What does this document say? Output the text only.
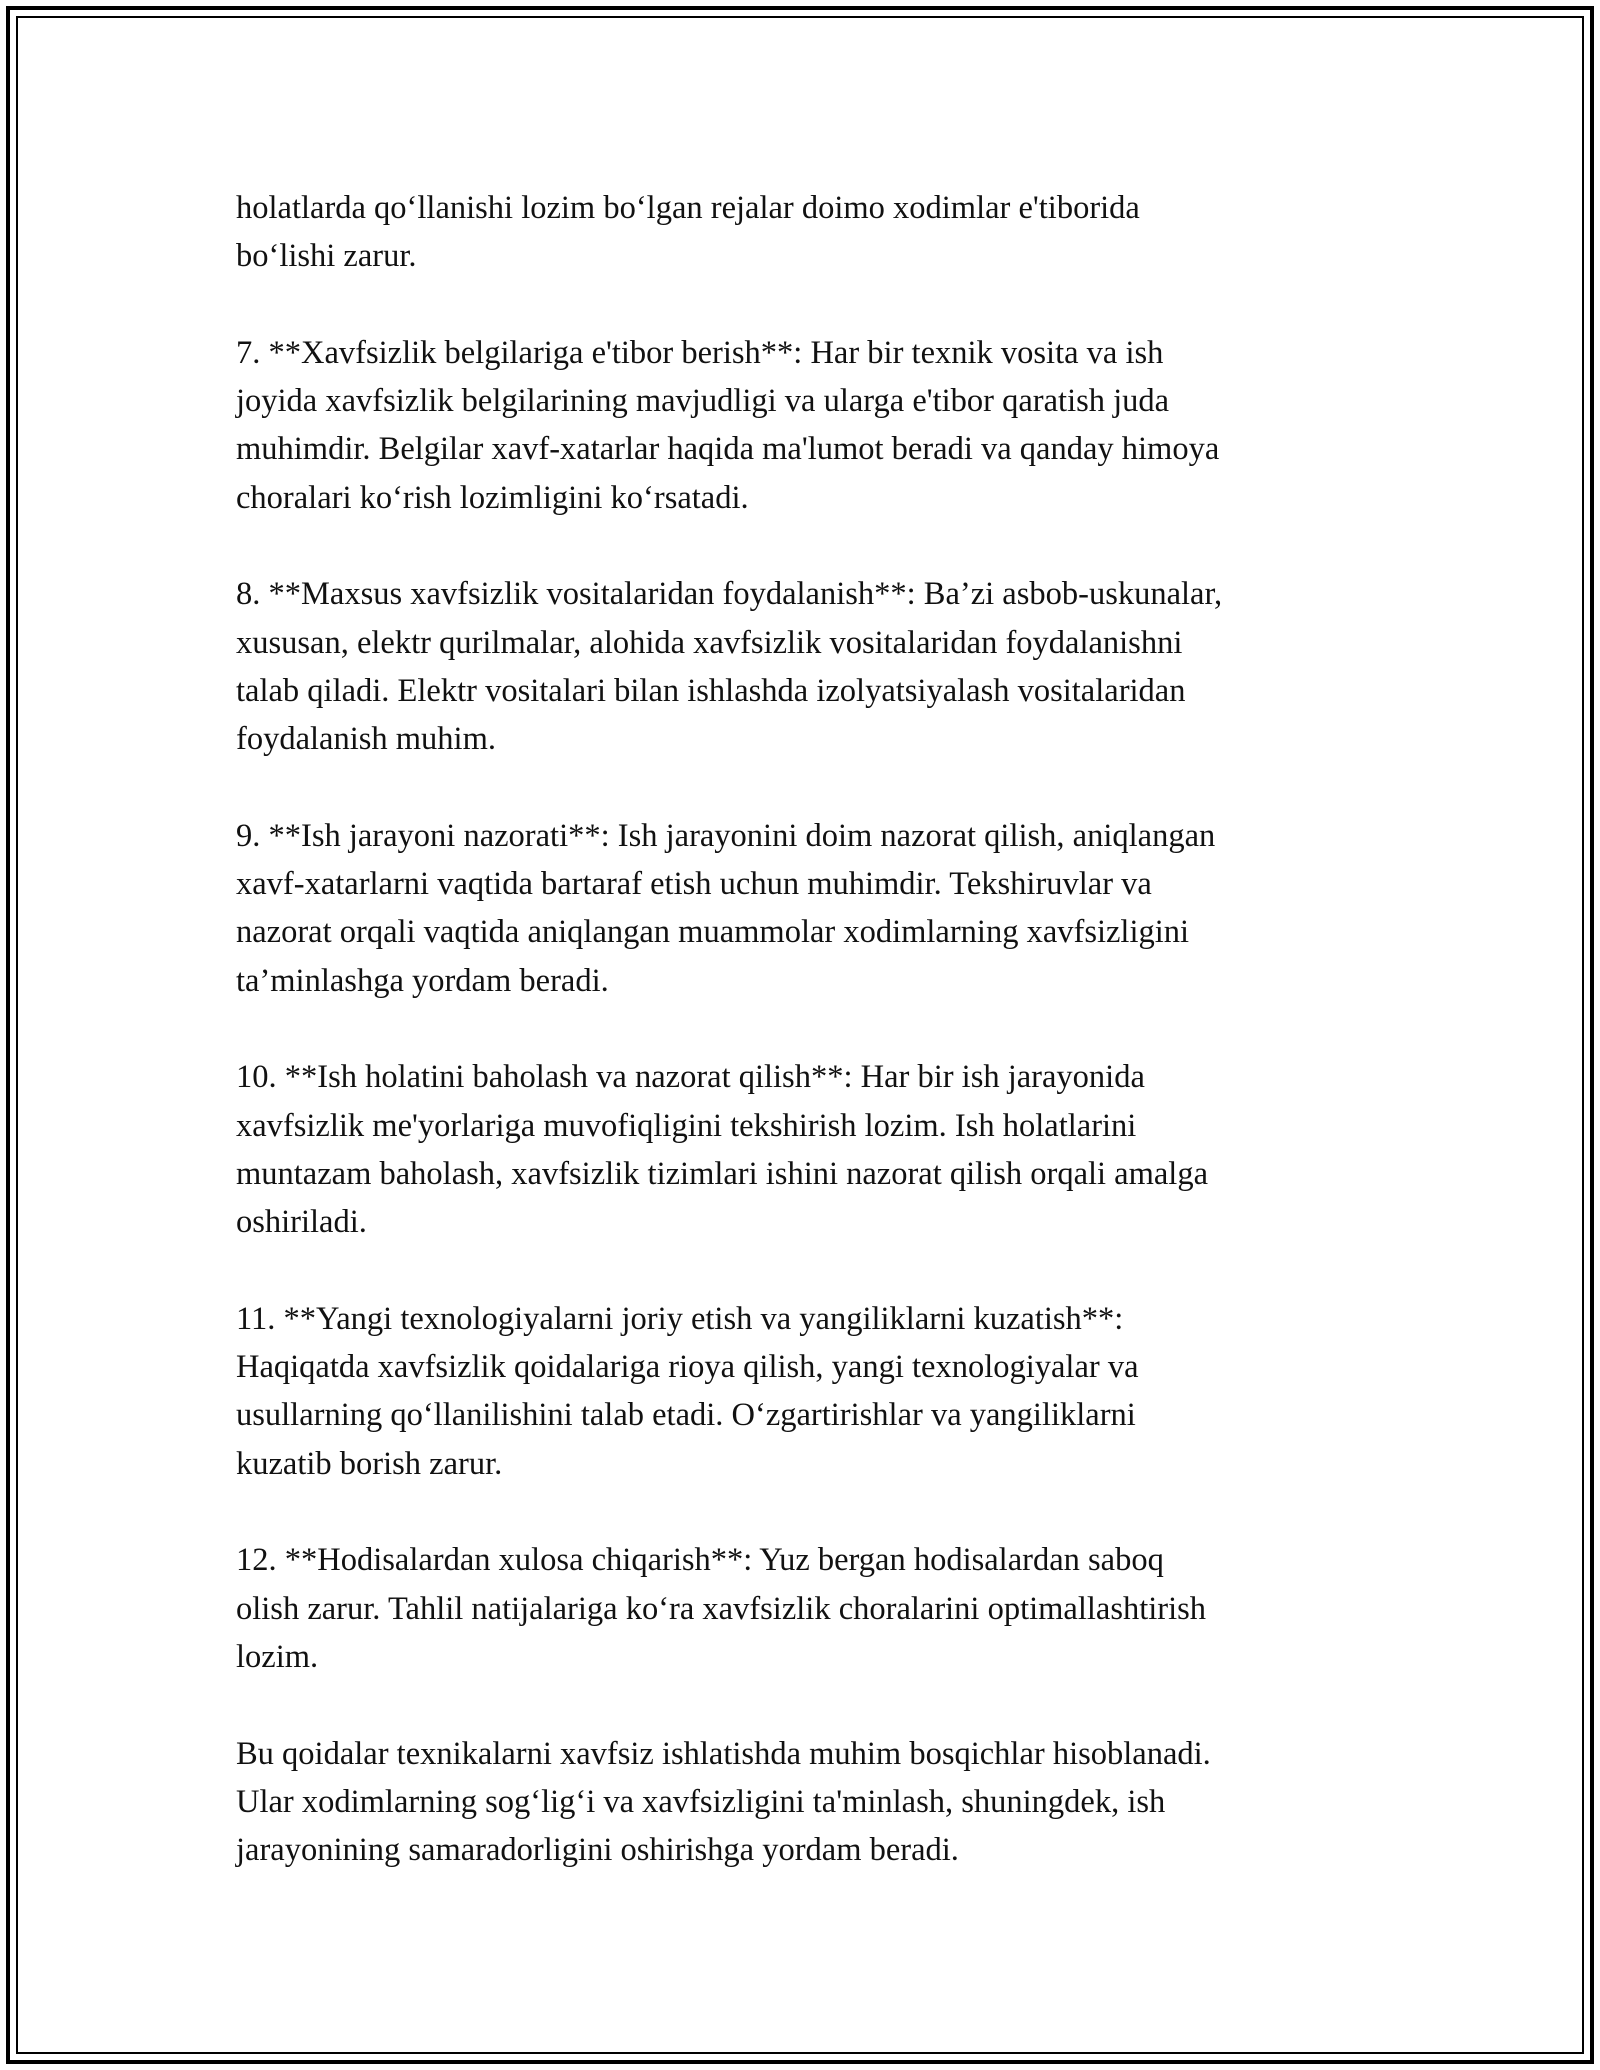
holatlarda qo‘llanishi lozim bo‘lgan rejalar doimo xodimlar e'tiborida
bo‘lishi zarur.

7. **Xavfsizlik belgilariga e'tibor berish**: Har bir texnik vosita va ish
joyida xavfsizlik belgilarining mavjudligi va ularga e'tibor qaratish juda
muhimdir. Belgilar xavf-xatarlar haqida ma'lumot beradi va qanday himoya
choralari ko‘rish lozimligini ko‘rsatadi.

8. **Maxsus xavfsizlik vositalaridan foydalanish**: Ba’zi asbob-uskunalar,
xususan, elektr qurilmalar, alohida xavfsizlik vositalaridan foydalanishni
talab qiladi. Elektr vositalari bilan ishlashda izolyatsiyalash vositalaridan
foydalanish muhim.

9. **Ish jarayoni nazorati**: Ish jarayonini doim nazorat qilish, aniqlangan
xavf-xatarlarni vaqtida bartaraf etish uchun muhimdir. Tekshiruvlar va
nazorat orqali vaqtida aniqlangan muammolar xodimlarning xavfsizligini
ta’minlashga yordam beradi.

10. **Ish holatini baholash va nazorat qilish**: Har bir ish jarayonida
xavfsizlik me'yorlariga muvofiqligini tekshirish lozim. Ish holatlarini
muntazam baholash, xavfsizlik tizimlari ishini nazorat qilish orqali amalga
oshiriladi.

11. **Yangi texnologiyalarni joriy etish va yangiliklarni kuzatish**:
Haqiqatda xavfsizlik qoidalariga rioya qilish, yangi texnologiyalar va
usullarning qo‘llanilishini talab etadi. O‘zgartirishlar va yangiliklarni
kuzatib borish zarur.

12. **Hodisalardan xulosa chiqarish**: Yuz bergan hodisalardan saboq
olish zarur. Tahlil natijalariga ko‘ra xavfsizlik choralarini optimallashtirish
lozim.

Bu qoidalar texnikalarni xavfsiz ishlatishda muhim bosqichlar hisoblanadi.
Ular xodimlarning sog‘lig‘i va xavfsizligini ta'minlash, shuningdek, ish
jarayonining samaradorligini oshirishga yordam beradi.
